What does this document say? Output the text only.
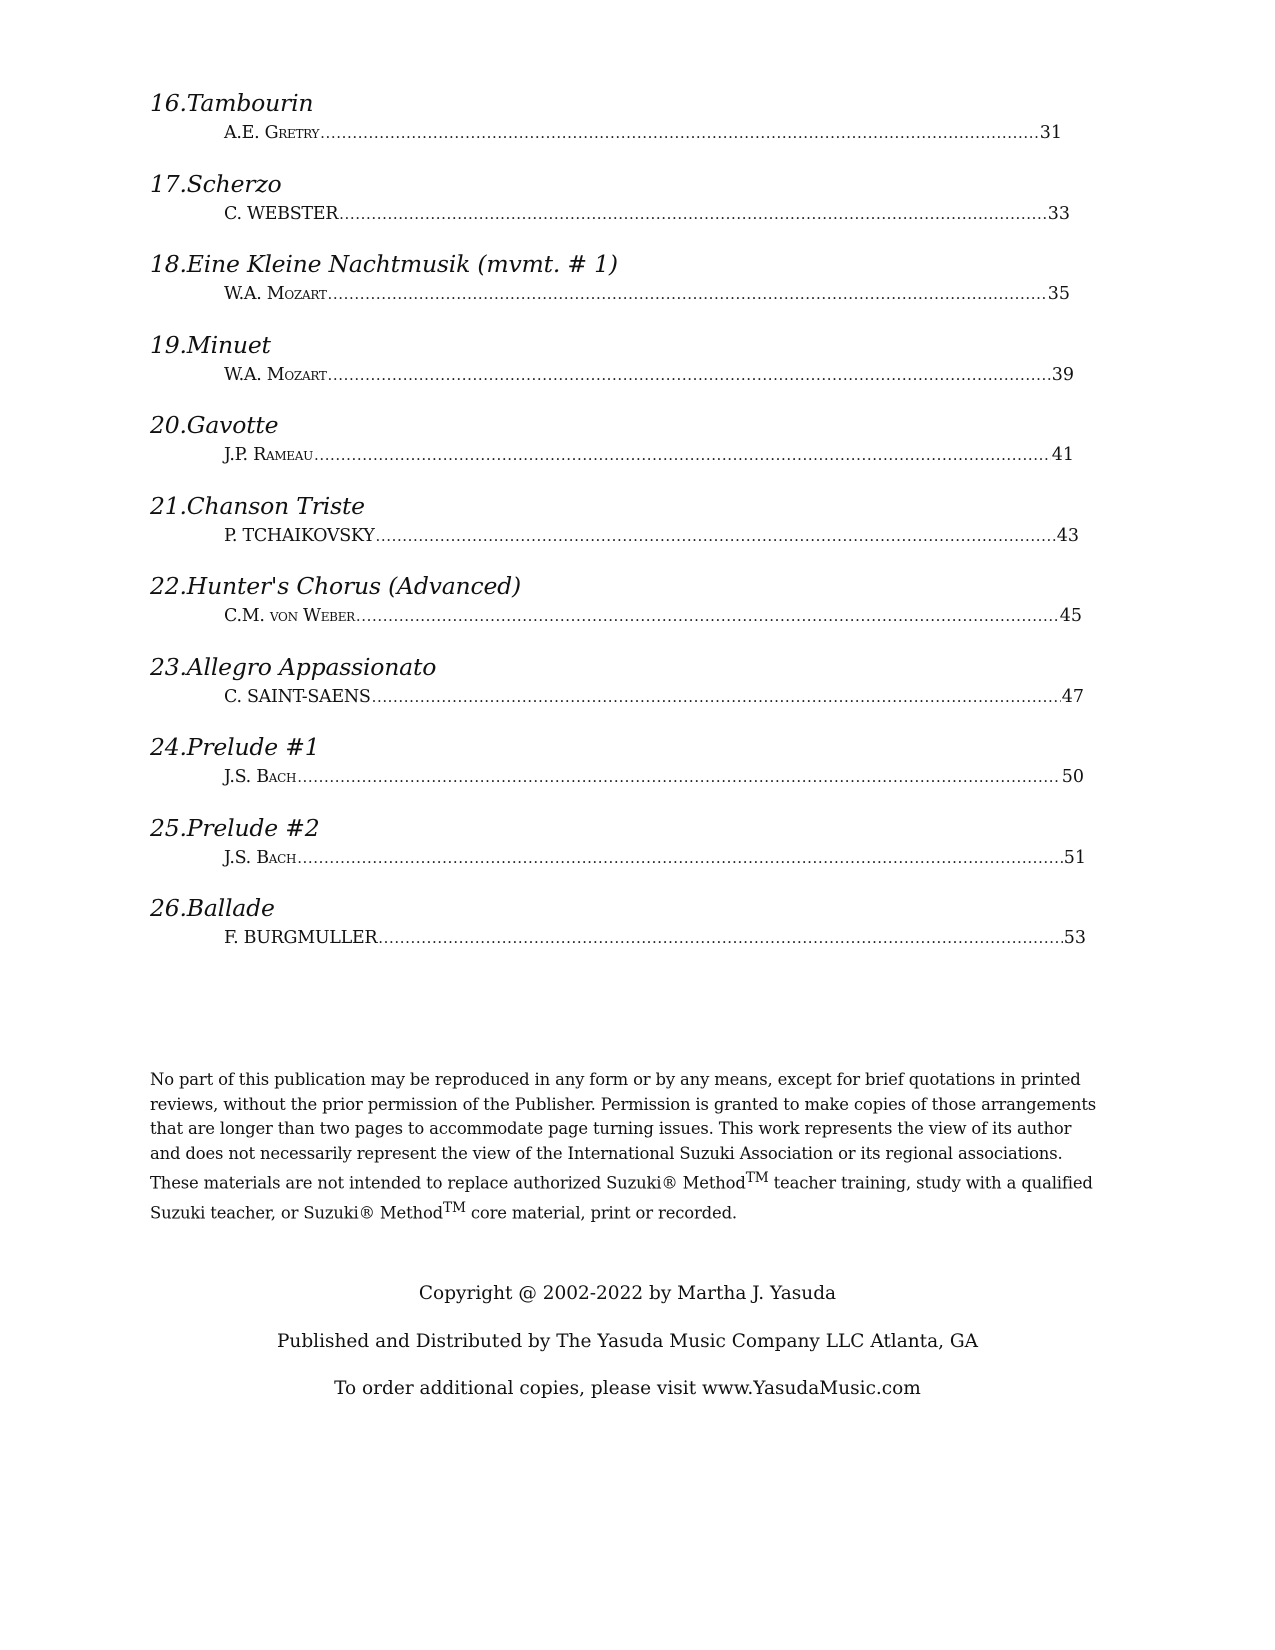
16.Tambourin
A.E. Gretry .....	31
17.Scherzo
C. WEBSTER .....	33
18.Eine Kleine Nachtmusik (mvmt. # 1)
W.A. Mozart .....	35
19.Minuet
W.A. Mozart .....	39
20.Gavotte
J.P. Rameau .....	41
21.Chanson Triste
P. TCHAIKOVSKY .....	43
22.Hunter's Chorus (Advanced)
C.M. von Weber .....	45
23.Allegro Appassionato
C. SAINT-SAENS .....	47
24.Prelude #1
J.S. Bach .....	50
25.Prelude #2
J.S. Bach .....	51
26.Ballade
F. BURGMULLER .....	53
No part of this publication may be reproduced in any form or by any means, except for brief quotations in printed reviews, without the prior permission of the Publisher. Permission is granted to make copies of those arrangements that are longer than two pages to accommodate page turning issues. This work represents the view of its author and does not necessarily represent the view of the International Suzuki Association or its regional associations. These materials are not intended to replace authorized Suzuki® Method™ teacher training, study with a qualified Suzuki teacher, or Suzuki® Method™ core material, print or recorded.
Copyright @ 2002-2022 by Martha J. Yasuda
Published and Distributed by The Yasuda Music Company LLC Atlanta, GA
To order additional copies, please visit www.YasudaMusic.com
